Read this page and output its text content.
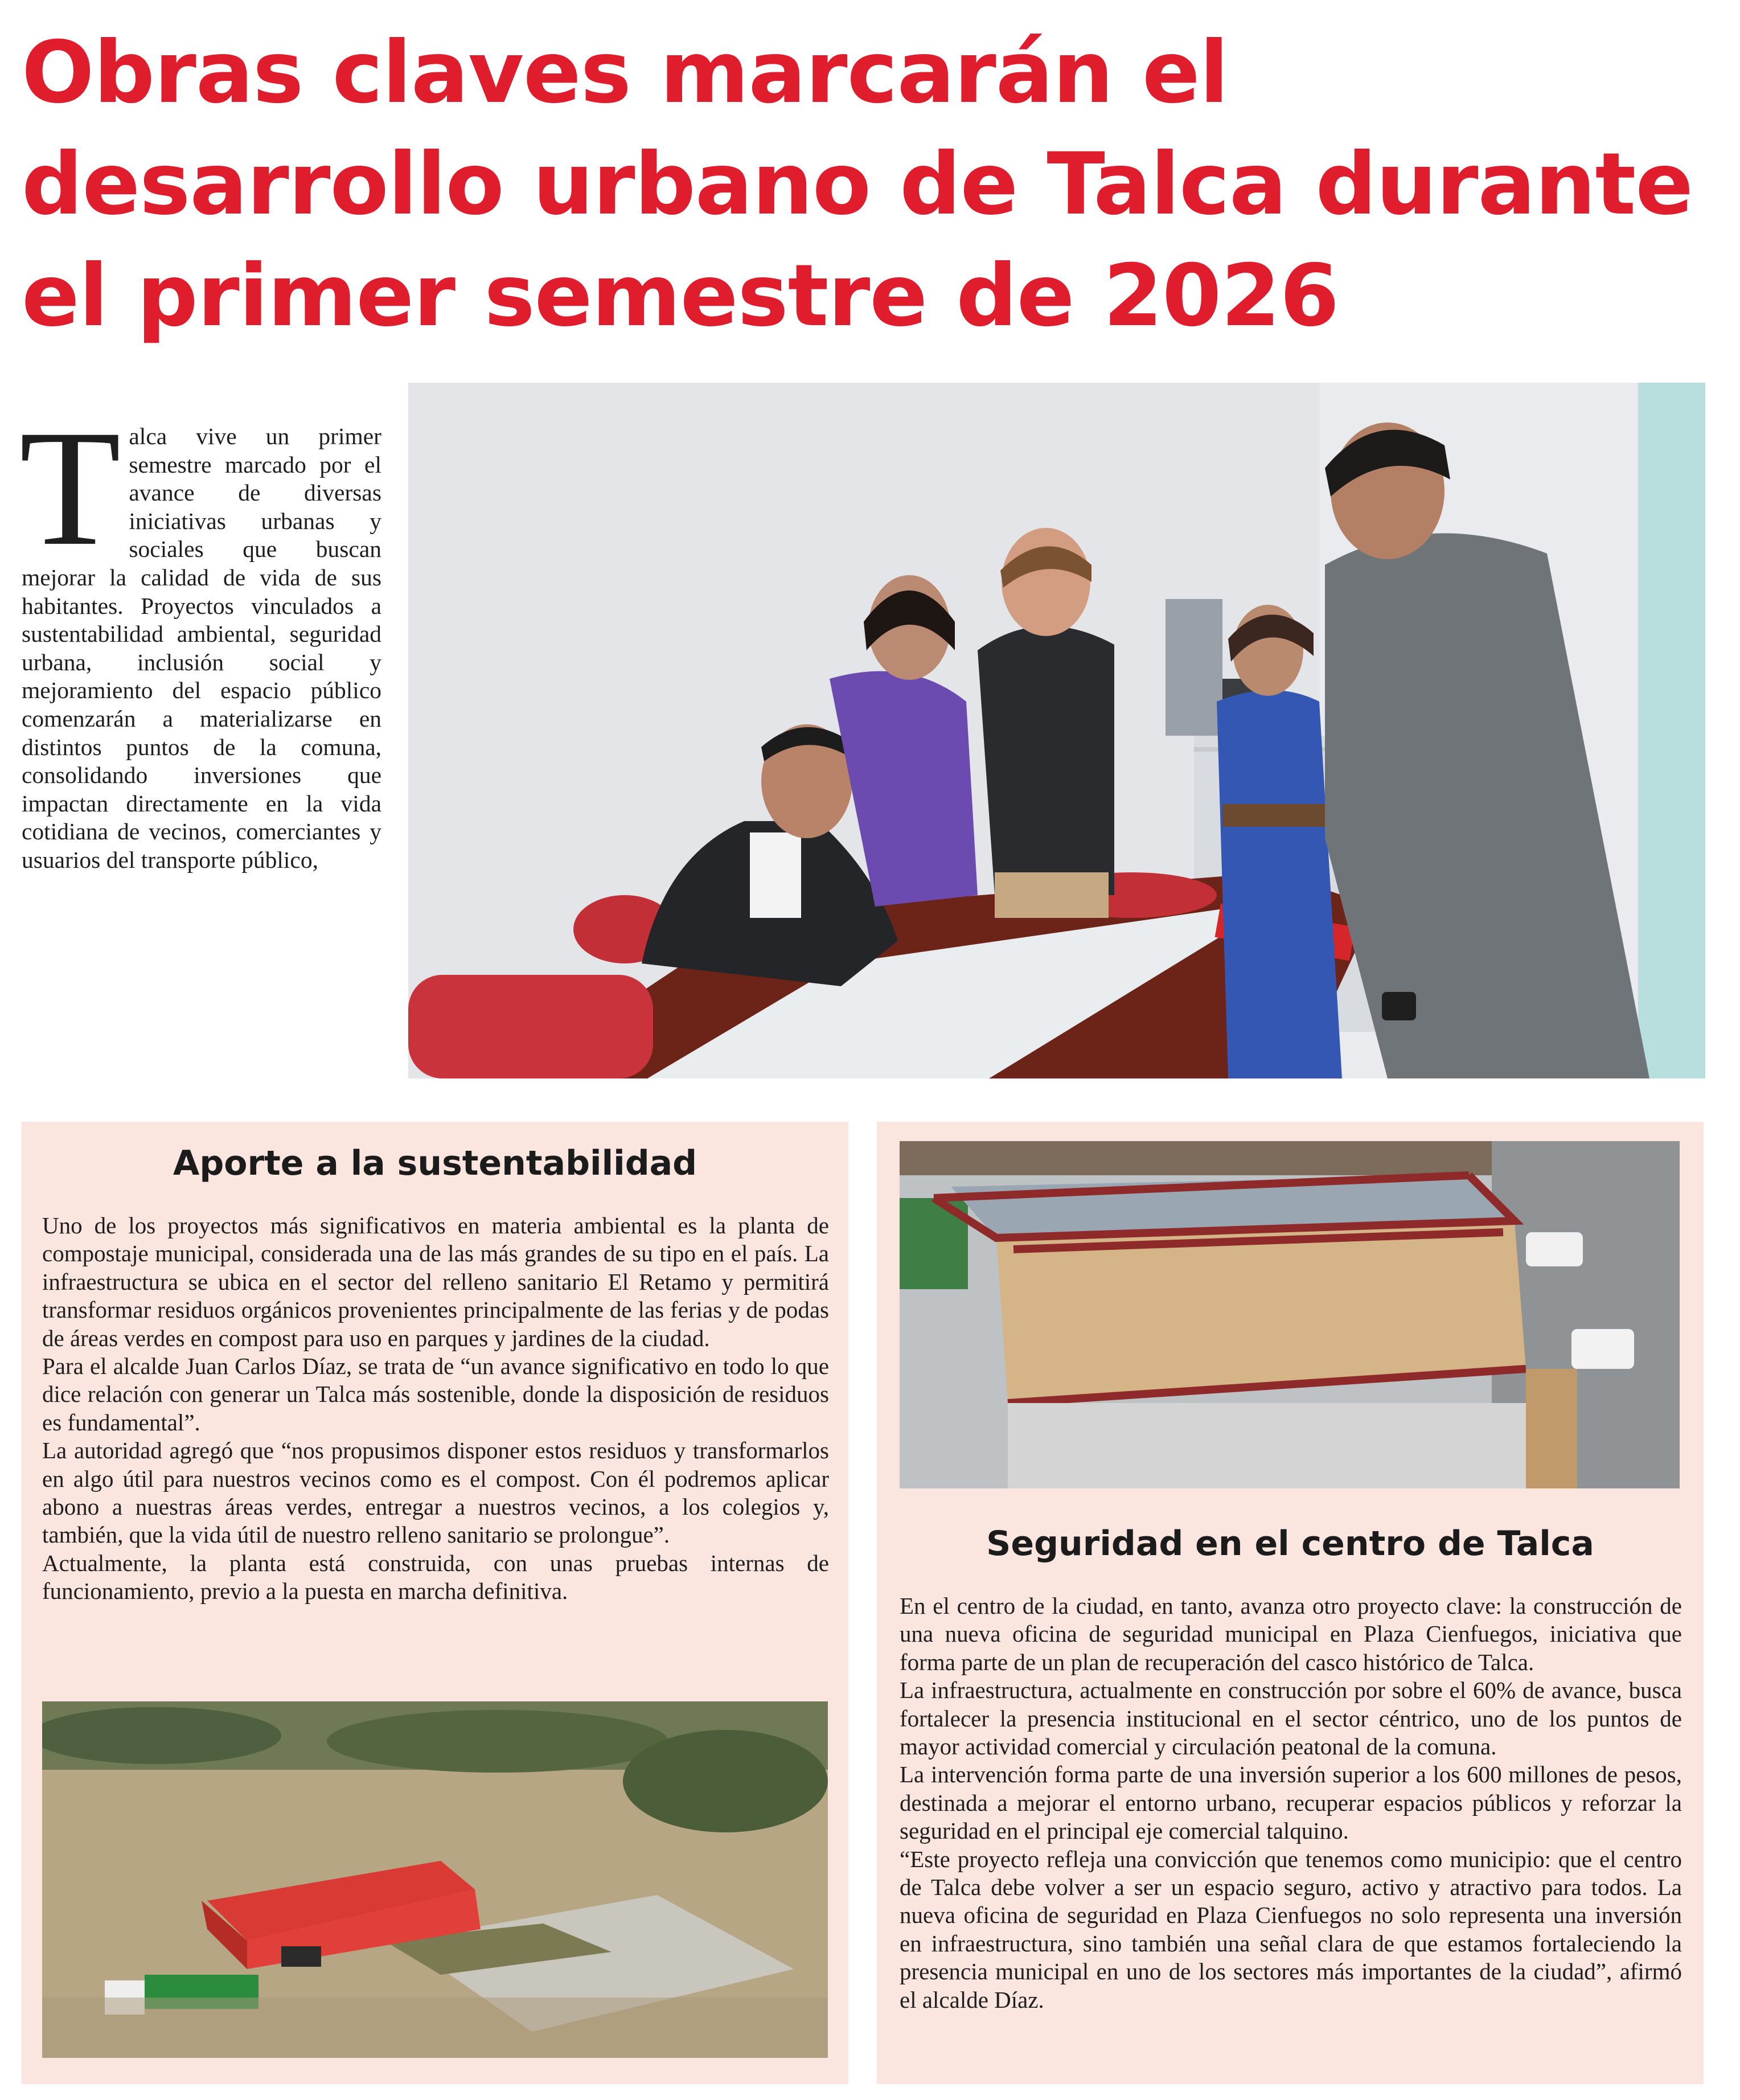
Obras claves marcarán el
desarrollo urbano de Talca durante
el primer semestre de 2026
T alca vive un primer semestre marcado por el avance de diversas iniciativas urbanas y sociales que buscan mejorar la calidad de vida de sus habitantes. Proyectos vinculados a sustentabilidad ambiental, seguridad urbana, inclusión social y mejoramiento del espacio público comenzarán a materializarse en distintos puntos de la comuna, consolidando inversiones que impactan directamente en la vida cotidiana de vecinos, comerciantes y usuarios del transporte público,
Aporte a la sustentabilidad

Uno de los proyectos más significativos en materia ambiental es la planta de compostaje municipal, considerada una de las más grandes de su tipo en el país. La infraestructura se ubica en el sector del relleno sanitario El Retamo y permitirá transformar residuos orgánicos provenientes principalmente de las ferias y de podas de áreas verdes en compost para uso en parques y jardines de la ciudad.

Para el alcalde Juan Carlos Díaz, se trata de “un avance significativo en todo lo que dice relación con generar un Talca más sostenible, donde la disposición de residuos es fundamental”.

La autoridad agregó que “nos propusimos disponer estos residuos y transformarlos en algo útil para nuestros vecinos como es el compost. Con él podremos aplicar abono a nuestras áreas verdes, entregar a nuestros vecinos, a los colegios y, también, que la vida útil de nuestro relleno sanitario se prolongue”.

Actualmente, la planta está construida, con unas pruebas internas de funcionamiento, previo a la puesta en marcha definitiva.

Seguridad en el centro de Talca

En el centro de la ciudad, en tanto, avanza otro proyecto clave: la construcción de una nueva oficina de seguridad municipal en Plaza Cienfuegos, iniciativa que forma parte de un plan de recuperación del casco histórico de Talca.

La infraestructura, actualmente en construcción por sobre el 60% de avance, busca fortalecer la presencia institucional en el sector céntrico, uno de los puntos de mayor actividad comercial y circulación peatonal de la comuna.

La intervención forma parte de una inversión superior a los 600 millones de pesos, destinada a mejorar el entorno urbano, recuperar espacios públicos y reforzar la seguridad en el principal eje comercial talquino.

“Este proyecto refleja una convicción que tenemos como municipio: que el centro de Talca debe volver a ser un espacio seguro, activo y atractivo para todos. La nueva oficina de seguridad en Plaza Cienfuegos no solo representa una inversión en infraestructura, sino también una señal clara de que estamos fortaleciendo la presencia municipal en uno de los sectores más importantes de la ciudad”, afirmó el alcalde Díaz.
